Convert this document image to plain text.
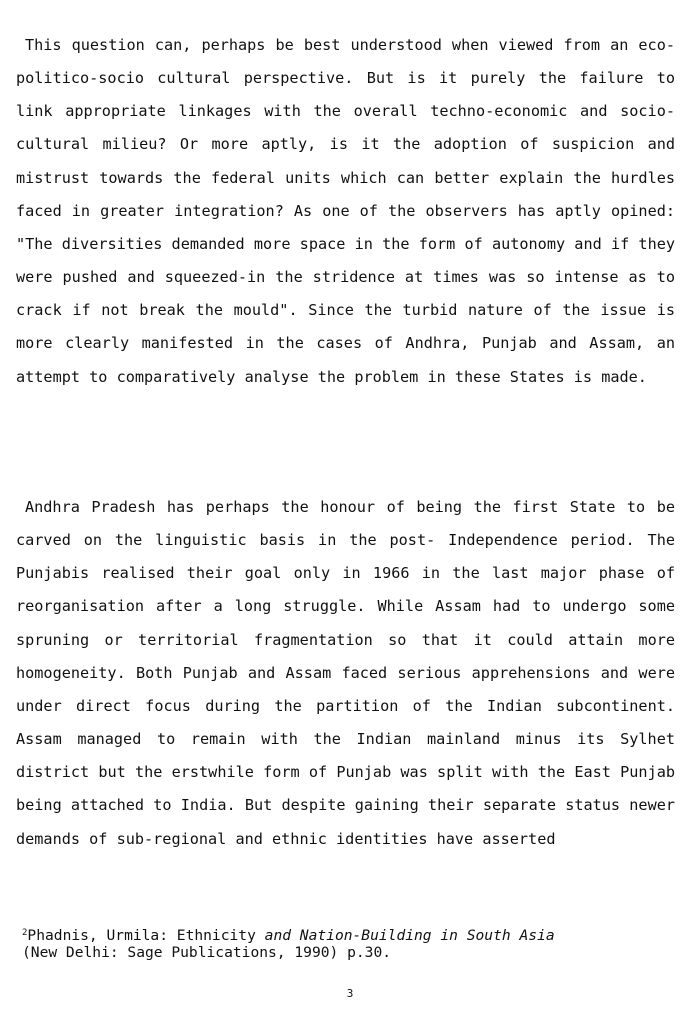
This question can, perhaps be best understood when viewed from an eco-politico-socio cultural perspective. But is it purely the failure to link appropriate linkages with the overall techno-economic and socio-cultural milieu? Or more aptly, is it the adoption of suspicion and mistrust towards the federal units which can better explain the hurdles faced in greater integration? As one of the observers has aptly opined: "The diversities demanded more space in the form of autonomy and if they were pushed and squeezed-in the stridence at times was so intense as to crack if not break the mould". Since the turbid nature of the issue is more clearly manifested in the cases of Andhra, Punjab and Assam, an attempt to comparatively analyse the problem in these States is made.

Andhra Pradesh has perhaps the honour of being the first State to be carved on the linguistic basis in the post- Independence period. The Punjabis realised their goal only in 1966 in the last major phase of reorganisation after a long struggle. While Assam had to undergo some spruning or territorial fragmentation so that it could attain more homogeneity. Both Punjab and Assam faced serious apprehensions and were under direct focus during the partition of the Indian subcontinent. Assam managed to remain with the Indian mainland minus its Sylhet district but the erstwhile form of Punjab was split with the East Punjab being attached to India. But despite gaining their separate status newer demands of sub-regional and ethnic identities have asserted

$^2$Phadnis, Urmila: Ethnicity and Nation-Building in South Asia
(New Delhi: Sage Publications, 1990) p.30.

3
